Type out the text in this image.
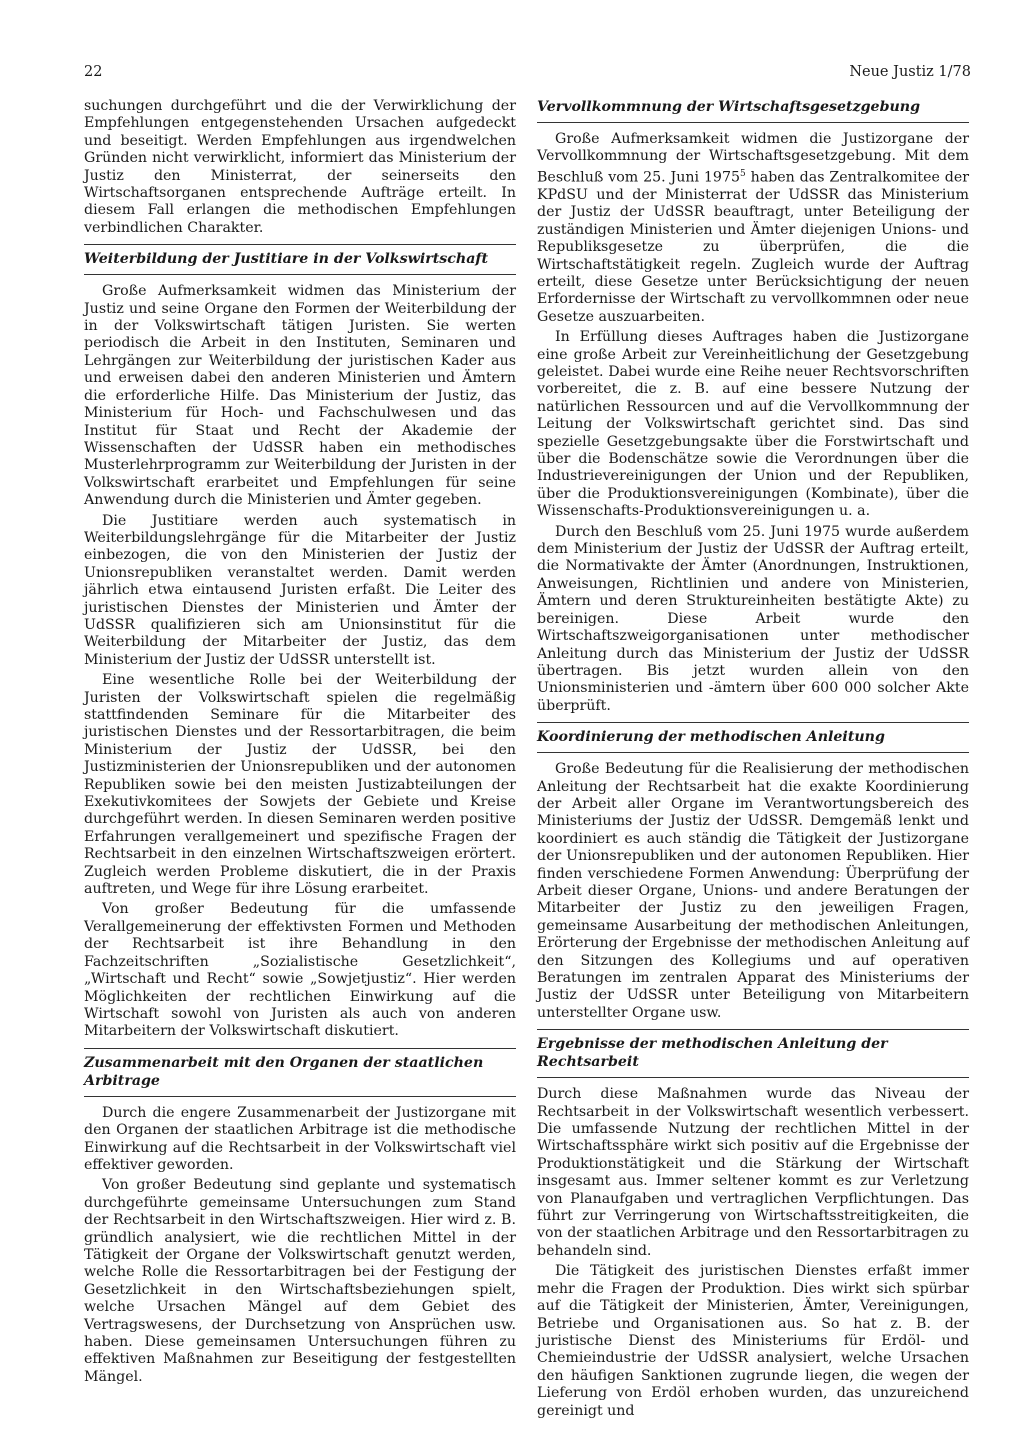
22	Neue Justiz 1/78

suchungen durchgeführt und die der Verwirklichung der Empfehlungen entgegenstehenden Ursachen aufgedeckt und beseitigt. Werden Empfehlungen aus irgendwelchen Gründen nicht verwirklicht, informiert das Ministerium der Justiz den Ministerrat, der seinerseits den Wirtschaftsorganen entsprechende Aufträge erteilt. In diesem Fall erlangen die methodischen Empfehlungen verbindlichen Charakter.

Weiterbildung der Justitiare in der Volkswirtschaft

Große Aufmerksamkeit widmen das Ministerium der Justiz und seine Organe den Formen der Weiterbildung der in der Volkswirtschaft tätigen Juristen. Sie werten periodisch die Arbeit in den Instituten, Seminaren und Lehrgängen zur Weiterbildung der juristischen Kader aus und erweisen dabei den anderen Ministerien und Ämtern die erforderliche Hilfe. Das Ministerium der Justiz, das Ministerium für Hoch- und Fachschulwesen und das Institut für Staat und Recht der Akademie der Wissenschaften der UdSSR haben ein methodisches Musterlehrprogramm zur Weiterbildung der Juristen in der Volkswirtschaft erarbeitet und Empfehlungen für seine Anwendung durch die Ministerien und Ämter gegeben.

Die Justitiare werden auch systematisch in Weiterbildungslehrgänge für die Mitarbeiter der Justiz einbezogen, die von den Ministerien der Justiz der Unionsrepubliken veranstaltet werden. Damit werden jährlich etwa eintausend Juristen erfaßt. Die Leiter des juristischen Dienstes der Ministerien und Ämter der UdSSR qualifizieren sich am Unionsinstitut für die Weiterbildung der Mitarbeiter der Justiz, das dem Ministerium der Justiz der UdSSR unterstellt ist.

Eine wesentliche Rolle bei der Weiterbildung der Juristen der Volkswirtschaft spielen die regelmäßig stattfindenden Seminare für die Mitarbeiter des juristischen Dienstes und der Ressortarbitragen, die beim Ministerium der Justiz der UdSSR, bei den Justizministerien der Unionsrepubliken und der autonomen Republiken sowie bei den meisten Justizabteilungen der Exekutivkomitees der Sowjets der Gebiete und Kreise durchgeführt werden. In diesen Seminaren werden positive Erfahrungen verallgemeinert und spezifische Fragen der Rechtsarbeit in den einzelnen Wirtschaftszweigen erörtert. Zugleich werden Probleme diskutiert, die in der Praxis auftreten, und Wege für ihre Lösung erarbeitet.

Von großer Bedeutung für die umfassende Verallgemeinerung der effektivsten Formen und Methoden der Rechtsarbeit ist ihre Behandlung in den Fachzeitschriften „Sozialistische Gesetzlichkeit“, „Wirtschaft und Recht“ sowie „Sowjetjustiz“. Hier werden Möglichkeiten der rechtlichen Einwirkung auf die Wirtschaft sowohl von Juristen als auch von anderen Mitarbeitern der Volkswirtschaft diskutiert.

Zusammenarbeit mit den Organen der staatlichen Arbitrage

Durch die engere Zusammenarbeit der Justizorgane mit den Organen der staatlichen Arbitrage ist die methodische Einwirkung auf die Rechtsarbeit in der Volkswirtschaft viel effektiver geworden.

Von großer Bedeutung sind geplante und systematisch durchgeführte gemeinsame Untersuchungen zum Stand der Rechtsarbeit in den Wirtschaftszweigen. Hier wird z. B. gründlich analysiert, wie die rechtlichen Mittel in der Tätigkeit der Organe der Volkswirtschaft genutzt werden, welche Rolle die Ressortarbitragen bei der Festigung der Gesetzlichkeit in den Wirtschaftsbeziehungen spielt, welche Ursachen Mängel auf dem Gebiet des Vertragswesens, der Durchsetzung von Ansprüchen usw. haben. Diese gemeinsamen Untersuchungen führen zu effektiven Maßnahmen zur Beseitigung der festgestellten Mängel.

Vervollkommnung der Wirtschaftsgesetzgebung

Große Aufmerksamkeit widmen die Justizorgane der Vervollkommnung der Wirtschaftsgesetzgebung. Mit dem Beschluß vom 25. Juni 1975$^5$ haben das Zentralkomitee der KPdSU und der Ministerrat der UdSSR das Ministerium der Justiz der UdSSR beauftragt, unter Beteiligung der zuständigen Ministerien und Ämter diejenigen Unions- und Republiksgesetze zu überprüfen, die die Wirtschaftstätigkeit regeln. Zugleich wurde der Auftrag erteilt, diese Gesetze unter Berücksichtigung der neuen Erfordernisse der Wirtschaft zu vervollkommnen oder neue Gesetze auszuarbeiten.

In Erfüllung dieses Auftrages haben die Justizorgane eine große Arbeit zur Vereinheitlichung der Gesetzgebung geleistet. Dabei wurde eine Reihe neuer Rechtsvorschriften vorbereitet, die z. B. auf eine bessere Nutzung der natürlichen Ressourcen und auf die Vervollkommnung der Leitung der Volkswirtschaft gerichtet sind. Das sind spezielle Gesetzgebungsakte über die Forstwirtschaft und über die Bodenschätze sowie die Verordnungen über die Industrievereinigungen der Union und der Republiken, über die Produktionsvereinigungen (Kombinate), über die Wissenschafts-Produktionsvereinigungen u. a.

Durch den Beschluß vom 25. Juni 1975 wurde außerdem dem Ministerium der Justiz der UdSSR der Auftrag erteilt, die Normativakte der Ämter (Anordnungen, Instruktionen, Anweisungen, Richtlinien und andere von Ministerien, Ämtern und deren Struktureinheiten bestätigte Akte) zu bereinigen. Diese Arbeit wurde den Wirtschaftszweigorganisationen unter methodischer Anleitung durch das Ministerium der Justiz der UdSSR übertragen. Bis jetzt wurden allein von den Unionsministerien und -ämtern über 600 000 solcher Akte überprüft.

Koordinierung der methodischen Anleitung

Große Bedeutung für die Realisierung der methodischen Anleitung der Rechtsarbeit hat die exakte Koordinierung der Arbeit aller Organe im Verantwortungsbereich des Ministeriums der Justiz der UdSSR. Demgemäß lenkt und koordiniert es auch ständig die Tätigkeit der Justizorgane der Unionsrepubliken und der autonomen Republiken. Hier finden verschiedene Formen Anwendung: Überprüfung der Arbeit dieser Organe, Unions- und andere Beratungen der Mitarbeiter der Justiz zu den jeweiligen Fragen, gemeinsame Ausarbeitung der methodischen Anleitungen, Erörterung der Ergebnisse der methodischen Anleitung auf den Sitzungen des Kollegiums und auf operativen Beratungen im zentralen Apparat des Ministeriums der Justiz der UdSSR unter Beteiligung von Mitarbeitern unterstellter Organe usw.

Ergebnisse der methodischen Anleitung der Rechtsarbeit

Durch diese Maßnahmen wurde das Niveau der Rechtsarbeit in der Volkswirtschaft wesentlich verbessert. Die umfassende Nutzung der rechtlichen Mittel in der Wirtschaftssphäre wirkt sich positiv auf die Ergebnisse der Produktionstätigkeit und die Stärkung der Wirtschaft insgesamt aus. Immer seltener kommt es zur Verletzung von Planaufgaben und vertraglichen Verpflichtungen. Das führt zur Verringerung von Wirtschaftsstreitigkeiten, die von der staatlichen Arbitrage und den Ressortarbitragen zu behandeln sind.

Die Tätigkeit des juristischen Dienstes erfaßt immer mehr die Fragen der Produktion. Dies wirkt sich spürbar auf die Tätigkeit der Ministerien, Ämter, Vereinigungen, Betriebe und Organisationen aus. So hat z. B. der juristische Dienst des Ministeriums für Erdöl- und Chemieindustrie der UdSSR analysiert, welche Ursachen den häufigen Sanktionen zugrunde liegen, die wegen der Lieferung von Erdöl erhoben wurden, das unzureichend gereinigt und
